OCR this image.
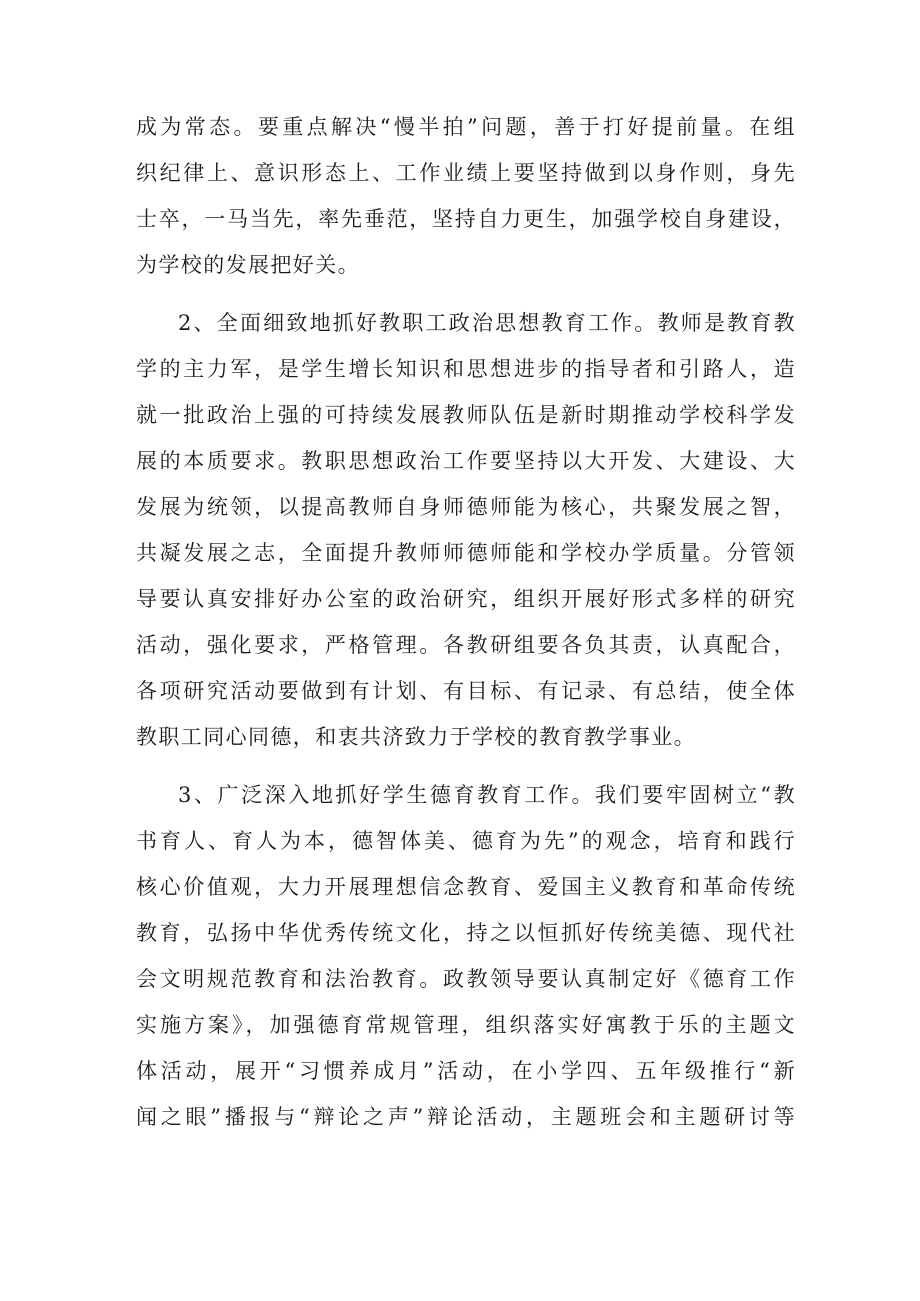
成为常态。要重点解决“慢半拍”问题，善于打好提前量。在组
织纪律上、意识形态上、工作业绩上要坚持做到以身作则，身先
士卒，一马当先，率先垂范，坚持自力更生，加强学校自身建设，
为学校的发展把好关。
2、全面细致地抓好教职工政治思想教育工作。教师是教育教
学的主力军，是学生增长知识和思想进步的指导者和引路人，造
就一批政治上强的可持续发展教师队伍是新时期推动学校科学发
展的本质要求。教职思想政治工作要坚持以大开发、大建设、大
发展为统领，以提高教师自身师德师能为核心，共聚发展之智，
共凝发展之志，全面提升教师师德师能和学校办学质量。分管领
导要认真安排好办公室的政治研究，组织开展好形式多样的研究
活动，强化要求，严格管理。各教研组要各负其责，认真配合，
各项研究活动要做到有计划、有目标、有记录、有总结，使全体
教职工同心同德，和衷共济致力于学校的教育教学事业。
3、广泛深入地抓好学生德育教育工作。我们要牢固树立“教
书育人、育人为本，德智体美、德育为先”的观念，培育和践行
核心价值观，大力开展理想信念教育、爱国主义教育和革命传统
教育，弘扬中华优秀传统文化，持之以恒抓好传统美德、现代社
会文明规范教育和法治教育。政教领导要认真制定好《德育工作
实施方案》，加强德育常规管理，组织落实好寓教于乐的主题文
体活动，展开“习惯养成月”活动，在小学四、五年级推行“新
闻之眼”播报与“辩论之声”辩论活动，主题班会和主题研讨等
